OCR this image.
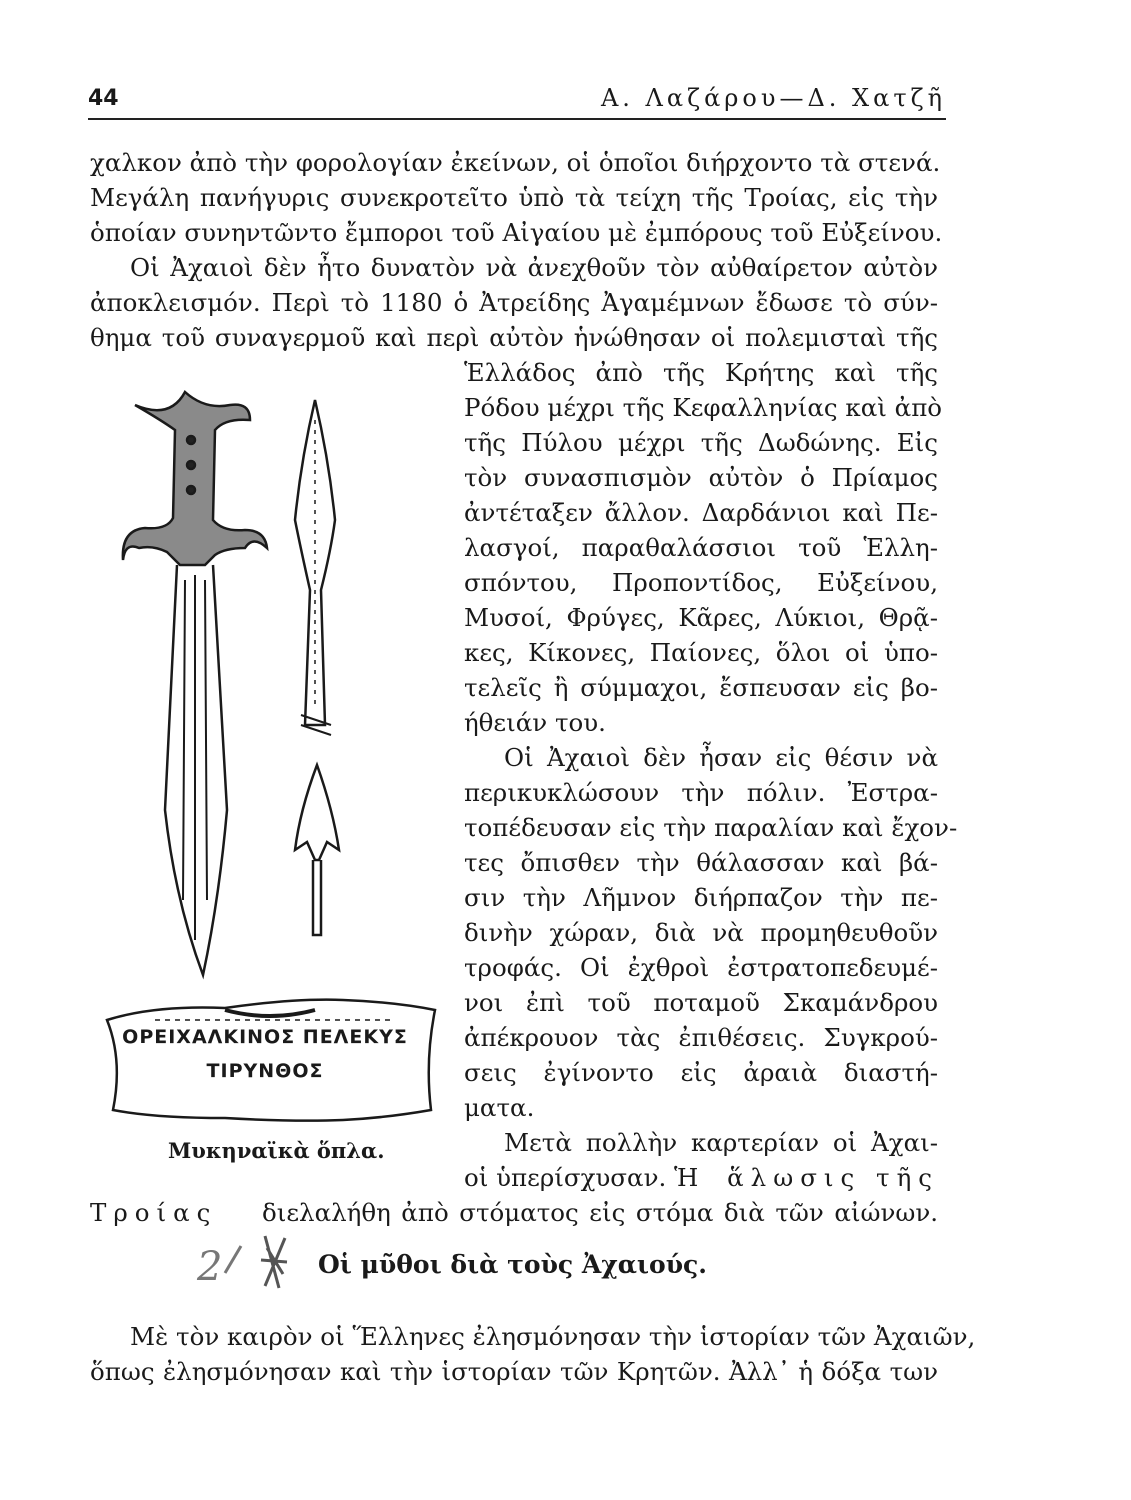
44	Α. Λαζάρου—Δ. Χατζῆ
χαλκον ἀπὸ τὴν φορολογίαν ἐκείνων, οἱ ὁποῖοι διήρχοντο τὰ στενά.
Μεγάλη πανήγυρις συνεκροτεῖτο ὑπὸ τὰ τείχη τῆς Τροίας, εἰς τὴν
ὁποίαν συνηντῶντο ἔμποροι τοῦ Αἰγαίου μὲ ἐμπόρους τοῦ Εὐξείνου.
Οἱ Ἀχαιοὶ δὲν ἦτο δυνατὸν νὰ ἀνεχθοῦν τὸν αὐθαίρετον αὐτὸν
ἀποκλεισμόν. Περὶ τὸ 1180 ὁ Ἀτρείδης Ἀγαμέμνων ἔδωσε τὸ σύν-
θημα τοῦ συναγερμοῦ καὶ περὶ αὐτὸν ἡνώθησαν οἱ πολεμισταὶ τῆς
Ἑλλάδος ἀπὸ τῆς Κρήτης καὶ τῆς
Ρόδου μέχρι τῆς Κεφαλληνίας καὶ ἀπὸ
τῆς Πύλου μέχρι τῆς Δωδώνης. Εἰς
τὸν συνασπισμὸν αὐτὸν ὁ Πρίαμος
ἀντέταξεν ἄλλον. Δαρδάνιοι καὶ Πε-
λασγοί, παραθαλάσσιοι τοῦ Ἑλλη-
σπόντου, Προποντίδος, Εὐξείνου,
Μυσοί, Φρύγες, Κᾶρες, Λύκιοι, Θρᾷ-
κες, Κίκονες, Παίονες, ὅλοι οἱ ὑπο-
τελεῖς ἢ σύμμαχοι, ἔσπευσαν εἰς βο-
ήθειάν του.
Οἱ Ἀχαιοὶ δὲν ἦσαν εἰς θέσιν νὰ
περικυκλώσουν τὴν πόλιν. Ἐστρα-
τοπέδευσαν εἰς τὴν παραλίαν καὶ ἔχον-
τες ὄπισθεν τὴν θάλασσαν καὶ βά-
σιν τὴν Λῆμνον διήρπαζον τὴν πε-
δινὴν χώραν, διὰ νὰ προμηθευθοῦν
τροφάς. Οἱ ἐχθροὶ ἐστρατοπεδευμέ-
νοι ἐπὶ τοῦ ποταμοῦ Σκαμάνδρου
ἀπέκρουον τὰς ἐπιθέσεις. Συγκρού-
σεις ἐγίνοντο εἰς ἀραιὰ διαστή-
ματα.
Μετὰ πολλὴν καρτερίαν οἱ Ἀχαι-
οἱ ὑπερίσχυσαν. Ἡ ἅλωσις τῆς
Τροίας διελαλήθη ἀπὸ στόματος εἰς στόμα διὰ τῶν αἰώνων.
2	Οἱ μῦθοι διὰ τοὺς Ἀχαιούς.
Μὲ τὸν καιρὸν οἱ Ἕλληνες ἐλησμόνησαν τὴν ἱστορίαν τῶν Ἀχαιῶν,
ὅπως ἐλησμόνησαν καὶ τὴν ἱστορίαν τῶν Κρητῶν. Ἀλλ᾽ ἡ δόξα των
ΟΡΕΙΧΑΛΚΙΝΟΣ ΠΕΛΕΚΥΣ
ΤΙΡΥΝΘΟΣ
Μυκηναϊκὰ ὅπλα.
